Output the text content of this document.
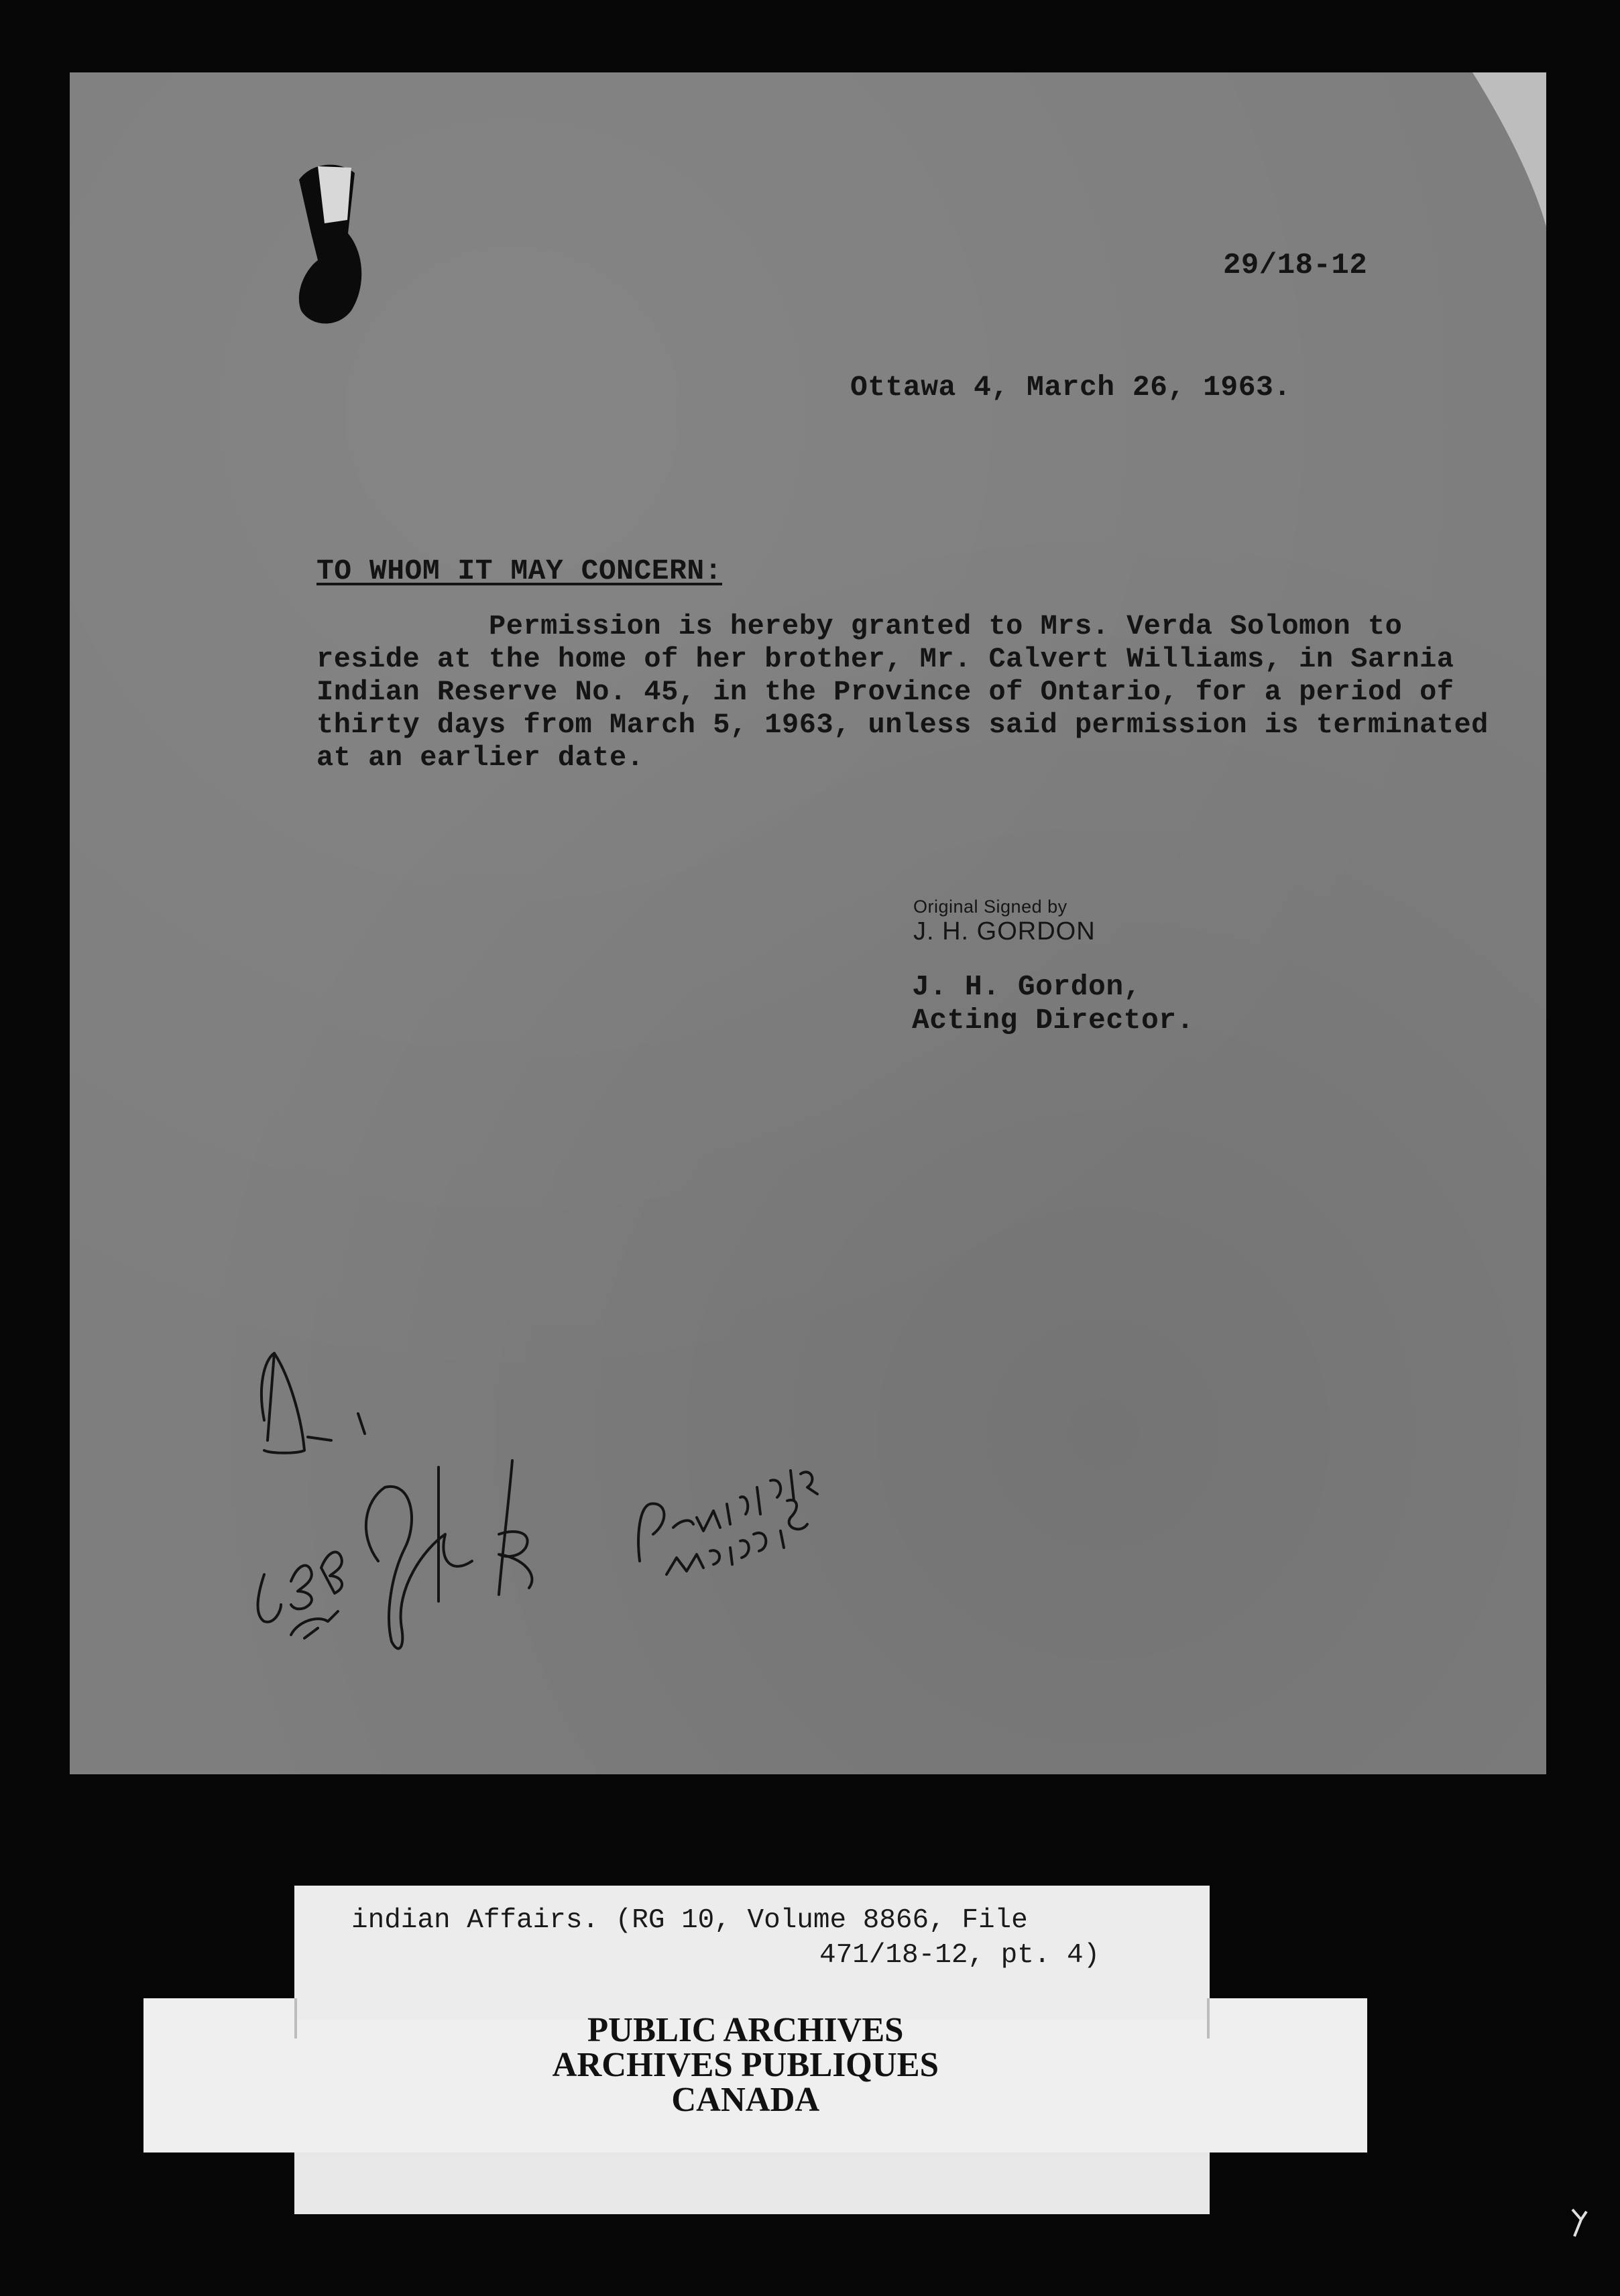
29/18-12
Ottawa 4, March 26, 1963.
TO WHOM IT MAY CONCERN:
Permission is hereby granted to Mrs. Verda Solomon to
reside at the home of her brother, Mr. Calvert Williams, in Sarnia
Indian Reserve No. 45, in the Province of Ontario, for a period of
thirty days from March 5, 1963, unless said permission is terminated
at an earlier date.
Original Signed by
J. H. GORDON
J. H. Gordon,
Acting Director.
indian Affairs. (RG 10, Volume 8866, File
471/18-12, pt. 4)
PUBLIC ARCHIVES
ARCHIVES PUBLIQUES
CANADA
